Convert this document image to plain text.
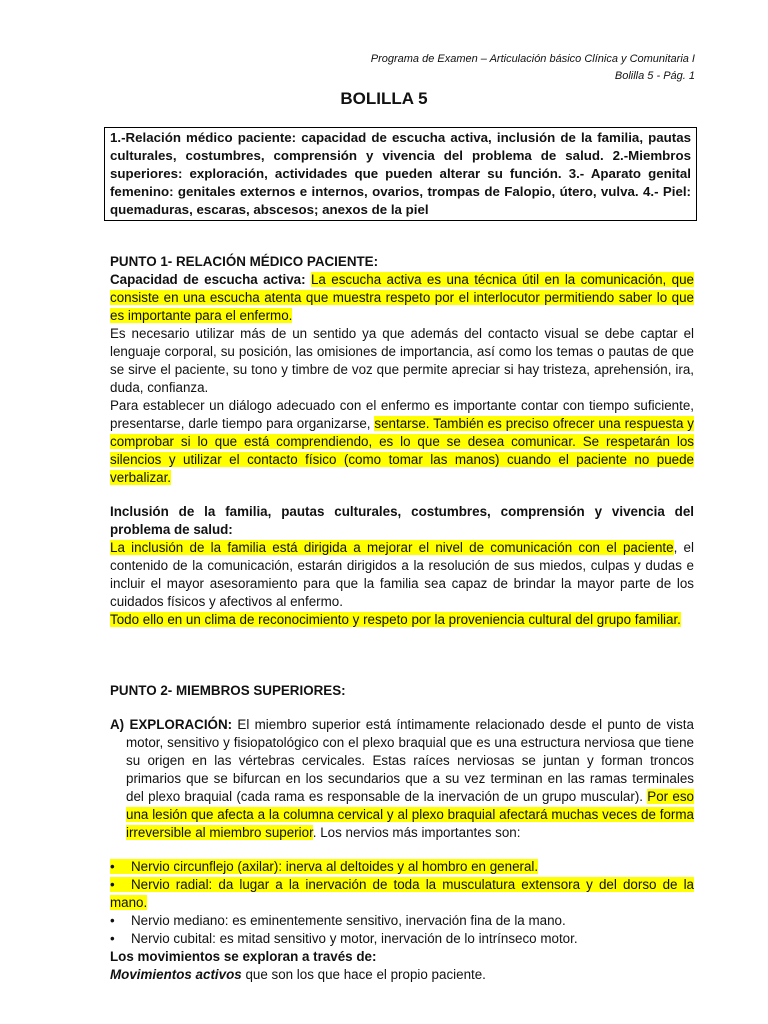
Programa de Examen – Articulación básico Clínica y Comunitaria I
Bolilla 5 - Pág. 1
BOLILLA 5
1.-Relación médico paciente: capacidad de escucha activa, inclusión de la familia, pautas culturales, costumbres, comprensión y vivencia del problema de salud. 2.-Miembros superiores: exploración, actividades que pueden alterar su función. 3.- Aparato genital femenino: genitales externos e internos, ovarios, trompas de Falopio, útero, vulva. 4.- Piel: quemaduras, escaras, abscesos; anexos de la piel

PUNTO 1- RELACIÓN MÉDICO PACIENTE:

Capacidad de escucha activa: La escucha activa es una técnica útil en la comunicación, que consiste en una escucha atenta que muestra respeto por el interlocutor permitiendo saber lo que es importante para el enfermo.

Es necesario utilizar más de un sentido ya que además del contacto visual se debe captar el lenguaje corporal, su posición, las omisiones de importancia, así como los temas o pautas de que se sirve el paciente, su tono y timbre de voz que permite apreciar si hay tristeza, aprehensión, ira, duda, confianza.

Para establecer un diálogo adecuado con el enfermo es importante contar con tiempo suficiente, presentarse, darle tiempo para organizarse, sentarse. También es preciso ofrecer una respuesta y comprobar si lo que está comprendiendo, es lo que se desea comunicar. Se respetarán los silencios y utilizar el contacto físico (como tomar las manos) cuando el paciente no puede verbalizar.

Inclusión de la familia, pautas culturales, costumbres, comprensión y vivencia del problema de salud:

La inclusión de la familia está dirigida a mejorar el nivel de comunicación con el paciente, el contenido de la comunicación, estarán dirigidos a la resolución de sus miedos, culpas y dudas e incluir el mayor asesoramiento para que la familia sea capaz de brindar la mayor parte de los cuidados físicos y afectivos al enfermo.

Todo ello en un clima de reconocimiento y respeto por la proveniencia cultural del grupo familiar.

PUNTO 2- MIEMBROS SUPERIORES:

A) EXPLORACIÓN: El miembro superior está íntimamente relacionado desde el punto de vista motor, sensitivo y fisiopatológico con el plexo braquial que es una estructura nerviosa que tiene su origen en las vértebras cervicales. Estas raíces nerviosas se juntan y forman troncos primarios que se bifurcan en los secundarios que a su vez terminan en las ramas terminales del plexo braquial (cada rama es responsable de la inervación de un grupo muscular). Por eso una lesión que afecta a la columna cervical y al plexo braquial afectará muchas veces de forma irreversible al miembro superior. Los nervios más importantes son:

• Nervio circunflejo (axilar): inerva al deltoides y al hombro en general.

• Nervio radial: da lugar a la inervación de toda la musculatura extensora y del dorso de la mano.

• Nervio mediano: es eminentemente sensitivo, inervación fina de la mano.

• Nervio cubital: es mitad sensitivo y motor, inervación de lo intrínseco motor.

Los movimientos se exploran a través de:

Movimientos activos que son los que hace el propio paciente.
